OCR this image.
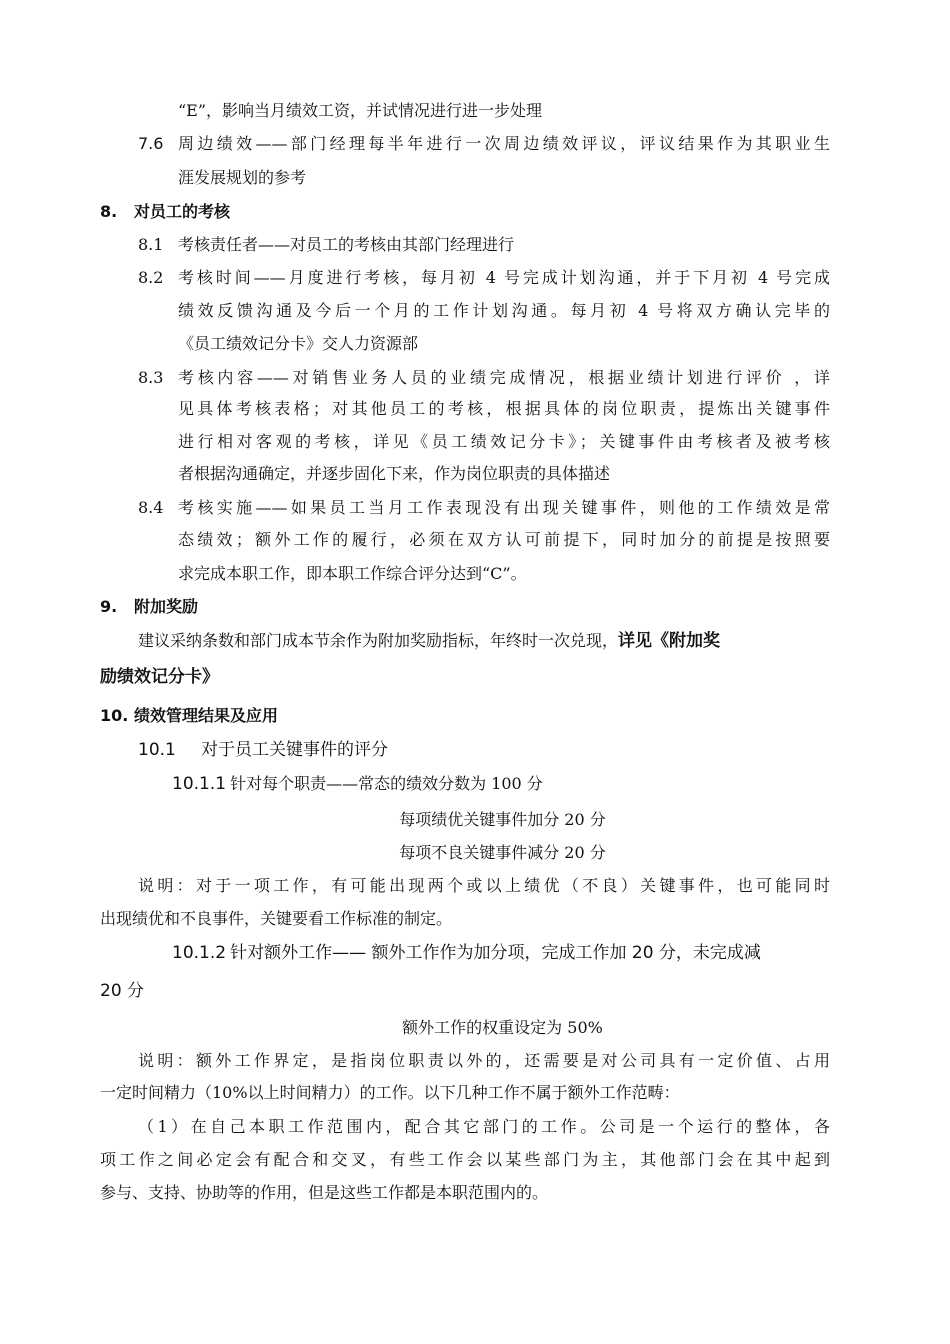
“E”，影响当月绩效工资，并试情况进行进一步处理
7.6 周边绩效——部门经理每半年进行一次周边绩效评议，评议结果作为其职业生
涯发展规划的参考
8. 对员工的考核
8.1 考核责任者——对员工的考核由其部门经理进行
8.2 考核时间——月度进行考核，每月初 4 号完成计划沟通，并于下月初 4 号完成
绩效反馈沟通及今后一个月的工作计划沟通。每月初 4 号将双方确认完毕的
《员工绩效记分卡》交人力资源部
8.3 考核内容——对销售业务人员的业绩完成情况，根据业绩计划进行评价 ，详
见具体考核表格；对其他员工的考核，根据具体的岗位职责，提炼出关键事件
进行相对客观的考核，详见《员工绩效记分卡》；关键事件由考核者及被考核
者根据沟通确定，并逐步固化下来，作为岗位职责的具体描述
8.4 考核实施——如果员工当月工作表现没有出现关键事件，则他的工作绩效是常
态绩效；额外工作的履行，必须在双方认可前提下，同时加分的前提是按照要
求完成本职工作，即本职工作综合评分达到“C”。
9. 附加奖励
建议采纳条数和部门成本节余作为附加奖励指标，年终时一次兑现，详见《附加奖
励绩效记分卡》
10. 绩效管理结果及应用
10.1 对于员工关键事件的评分
10.1.1 针对每个职责——常态的绩效分数为 100 分
每项绩优关键事件加分 20 分
每项不良关键事件减分 20 分
说明：对于一项工作，有可能出现两个或以上绩优（不良）关键事件，也可能同时
出现绩优和不良事件，关键要看工作标准的制定。
10.1.2 针对额外工作—— 额外工作作为加分项，完成工作加 20 分，未完成减
20 分
额外工作的权重设定为 50%
说明：额外工作界定，是指岗位职责以外的，还需要是对公司具有一定价值、占用
一定时间精力（10%以上时间精力）的工作。以下几种工作不属于额外工作范畴：
（1）在自己本职工作范围内，配合其它部门的工作。公司是一个运行的整体，各
项工作之间必定会有配合和交叉，有些工作会以某些部门为主，其他部门会在其中起到
参与、支持、协助等的作用，但是这些工作都是本职范围内的。
